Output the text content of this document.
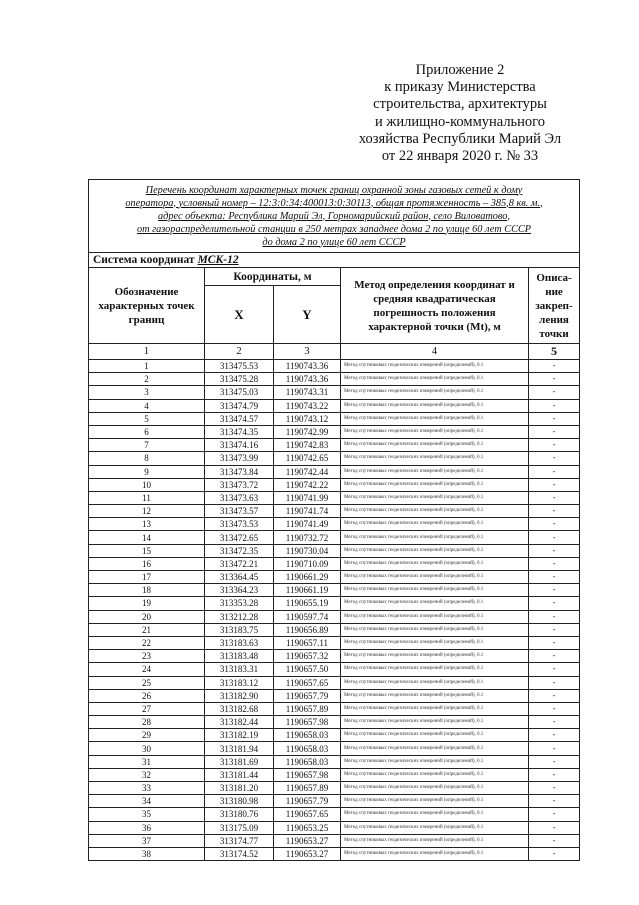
Приложение 2
к приказу Министерства
строительства, архитектуры
и жилищно-коммунального
хозяйства Республики Марий Эл
от 22 января 2020 г. № 33
Перечень координат характерных точек границ охранной зоны газовых сетей к дому
оператора, условный номер – 12:3:0:34:400013:0:30113, общая протяженность – 385,8 кв. м.,
адрес объекта: Республика Марий Эл, Горномарийский район, село Виловатово,
от газораспределительной станции в 250 метрах западнее дома 2 по улице 60 лет СССР
до дома 2 по улице 60 лет СССР				

Система координат МСК-12				
Обозначение характерных точек границ	Координаты, м		Метод определения координат и средняя квадратическая погрешность положения характерной точки (Mt), м	Описа-ние закреп-ления точки
	X	Y		
1	2	3	4	5
1	313475.53	1190743.36	Метод спутниковых геодезических измерений (определений), 0.1	-
2	313475.28	1190743.36	Метод спутниковых геодезических измерений (определений), 0.1	-
3	313475.03	1190743.31	Метод спутниковых геодезических измерений (определений), 0.1	-
4	313474.79	1190743.22	Метод спутниковых геодезических измерений (определений), 0.1	-
5	313474.57	1190743.12	Метод спутниковых геодезических измерений (определений), 0.1	-
6	313474.35	1190742.99	Метод спутниковых геодезических измерений (определений), 0.1	-
7	313474.16	1190742.83	Метод спутниковых геодезических измерений (определений), 0.1	-
8	313473.99	1190742.65	Метод спутниковых геодезических измерений (определений), 0.1	-
9	313473.84	1190742.44	Метод спутниковых геодезических измерений (определений), 0.1	-
10	313473.72	1190742.22	Метод спутниковых геодезических измерений (определений), 0.1	-
11	313473.63	1190741.99	Метод спутниковых геодезических измерений (определений), 0.1	-
12	313473.57	1190741.74	Метод спутниковых геодезических измерений (определений), 0.1	-
13	313473.53	1190741.49	Метод спутниковых геодезических измерений (определений), 0.1	-
14	313472.65	1190732.72	Метод спутниковых геодезических измерений (определений), 0.1	-
15	313472.35	1190730.04	Метод спутниковых геодезических измерений (определений), 0.1	-
16	313472.21	1190710.09	Метод спутниковых геодезических измерений (определений), 0.1	-
17	313364.45	1190661.29	Метод спутниковых геодезических измерений (определений), 0.1	-
18	313364.23	1190661.19	Метод спутниковых геодезических измерений (определений), 0.1	-
19	313353.28	1190655.19	Метод спутниковых геодезических измерений (определений), 0.1	-
20	313212.28	1190597.74	Метод спутниковых геодезических измерений (определений), 0.1	-
21	313183.75	1190656.89	Метод спутниковых геодезических измерений (определений), 0.1	-
22	313183.63	1190657.11	Метод спутниковых геодезических измерений (определений), 0.1	-
23	313183.48	1190657.32	Метод спутниковых геодезических измерений (определений), 0.1	-
24	313183.31	1190657.50	Метод спутниковых геодезических измерений (определений), 0.1	-
25	313183.12	1190657.65	Метод спутниковых геодезических измерений (определений), 0.1	-
26	313182.90	1190657.79	Метод спутниковых геодезических измерений (определений), 0.1	-
27	313182.68	1190657.89	Метод спутниковых геодезических измерений (определений), 0.1	-
28	313182.44	1190657.98	Метод спутниковых геодезических измерений (определений), 0.1	-
29	313182.19	1190658.03	Метод спутниковых геодезических измерений (определений), 0.1	-
30	313181.94	1190658.03	Метод спутниковых геодезических измерений (определений), 0.1	-
31	313181.69	1190658.03	Метод спутниковых геодезических измерений (определений), 0.1	-
32	313181.44	1190657.98	Метод спутниковых геодезических измерений (определений), 0.1	-
33	313181.20	1190657.89	Метод спутниковых геодезических измерений (определений), 0.1	-
34	313180.98	1190657.79	Метод спутниковых геодезических измерений (определений), 0.1	-
35	313180.76	1190657.65	Метод спутниковых геодезических измерений (определений), 0.1	-
36	313175.09	1190653.25	Метод спутниковых геодезических измерений (определений), 0.1	-
37	313174.77	1190653.27	Метод спутниковых геодезических измерений (определений), 0.1	-
38	313174.52	1190653.27	Метод спутниковых геодезических измерений (определений), 0.1	-
